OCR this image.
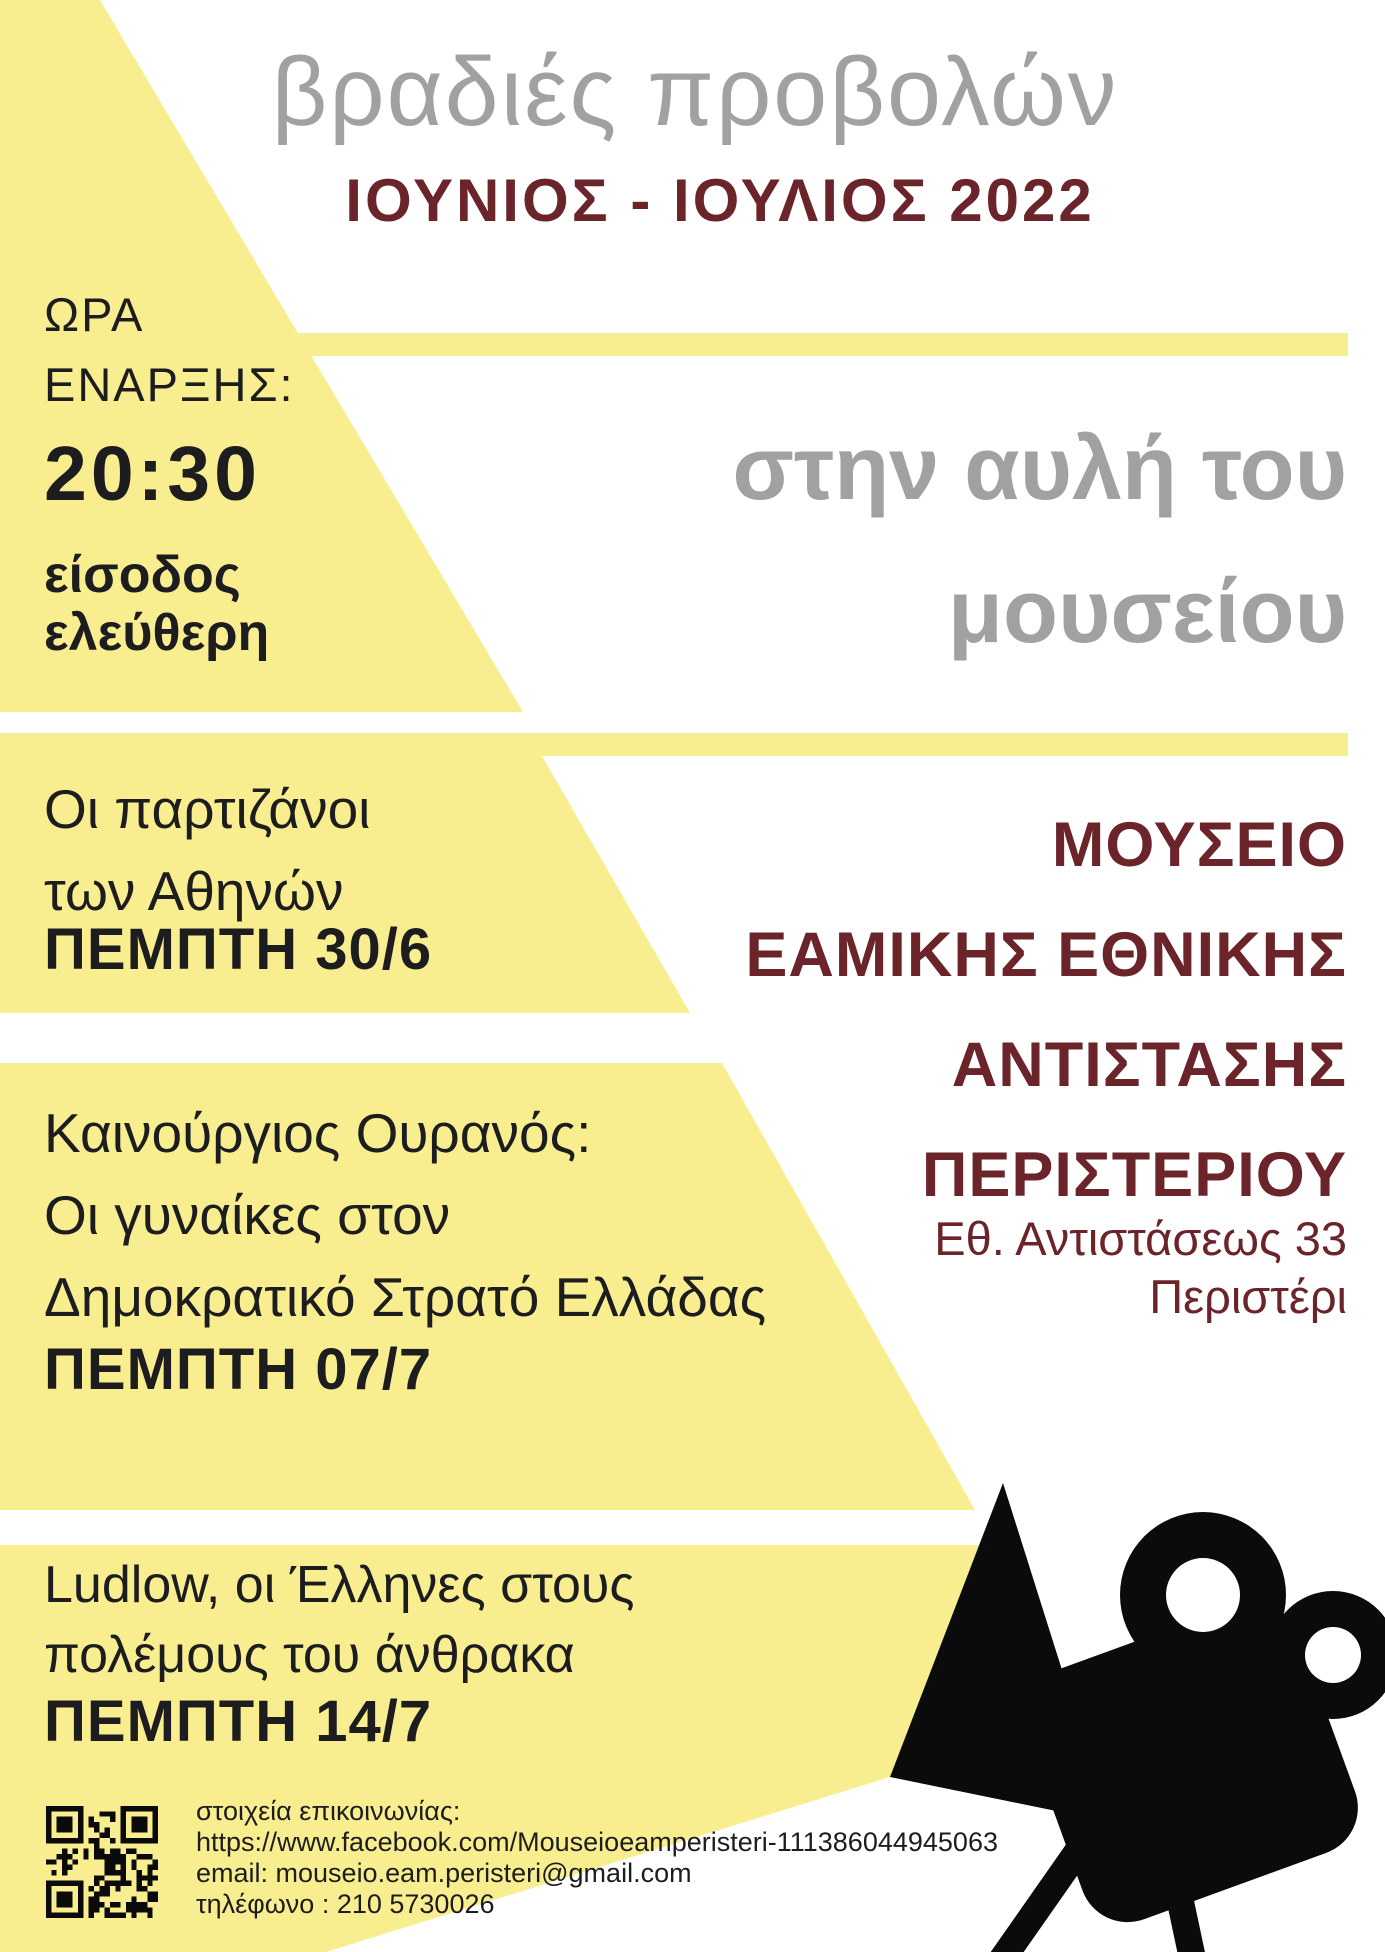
βραδιές προβολών
ΙΟΥΝΙΟΣ - ΙΟΥΛΙΟΣ 2022
στην αυλή του
μουσείου
ΩΡΑ
ΕΝΑΡΞΗΣ:
20:30
είσοδος
ελεύθερη
Οι παρτιζάνοι
των Αθηνών
ΠΕΜΠΤΗ 30/6
Καινούργιος Ουρανός:
Οι γυναίκες στον
Δημοκρατικό Στρατό Ελλάδας
ΠΕΜΠΤΗ 07/7
Ludlow, οι Έλληνες στους
πολέμους του άνθρακα
ΠΕΜΠΤΗ 14/7
ΜΟΥΣΕΙΟ
ΕΑΜΙΚΗΣ ΕΘΝΙΚΗΣ
ΑΝΤΙΣΤΑΣΗΣ
ΠΕΡΙΣΤΕΡΙΟΥ
Εθ. Αντιστάσεως 33
Περιστέρι
στοιχεία επικοινωνίας:
https://www.facebook.com/Mouseioeamperisteri-111386044945063
email: mouseio.eam.peristeri@gmail.com
τηλέφωνο : 210 5730026
